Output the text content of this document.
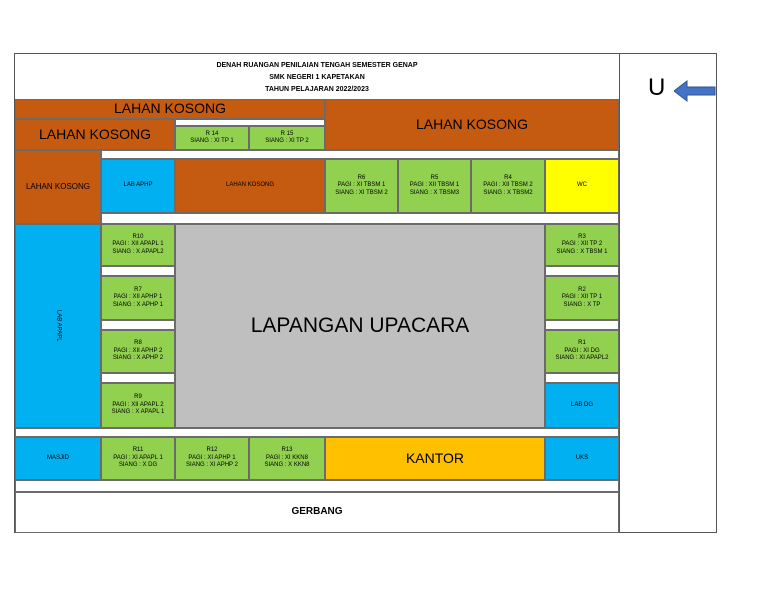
DENAH RUANGAN PENILAIAN TENGAH SEMESTER GENAP
SMK NEGERI 1 KAPETAKAN
TAHUN PELAJARAN 2022/2023	U
LAHAN KOSONG
LAHAN KOSONG	R 14
SIANG : XI TP 1
R 15
SIANG : XI TP 2
LAHAN KOSONG
LAHAN KOSONG	LAB APHP	LAHAN KOSONG
R6
PAGI : XI TBSM 1
SIANG : XI TBSM 2
R5
PAGI : XII TBSM 1
SIANG : X TBSM3
R4
PAGI : XII TBSM 2
SIANG : X TBSM2
WC
LAB APAPL
R10
PAGI : XII APAPL 1
SIANG : X APAPL2
R7
PAGI : XII APHP 1
SIANG : X APHP 1
R8
PAGI : XII APHP 2
SIANG : X APHP 2
R9
PAGI : XII APAPL 2
SIANG : X APAPL 1
LAPANGAN UPACARA
R3
PAGI : XII TP 2
SIANG : X TBSM 1
R2
PAGI : XII TP 1
SIANG : X TP
R1
PAGI : XI DG
SIANG : XI APAPL2
LAB DG
MASJID
R11
PAGI : XI APAPL 1
SIANG : X DG
R12
PAGI : XI APHP 1
SIANG : XI APHP 2
R13
PAGI : XI KKN8
SIANG : X KKN8	KANTOR	UKS
GERBANG
